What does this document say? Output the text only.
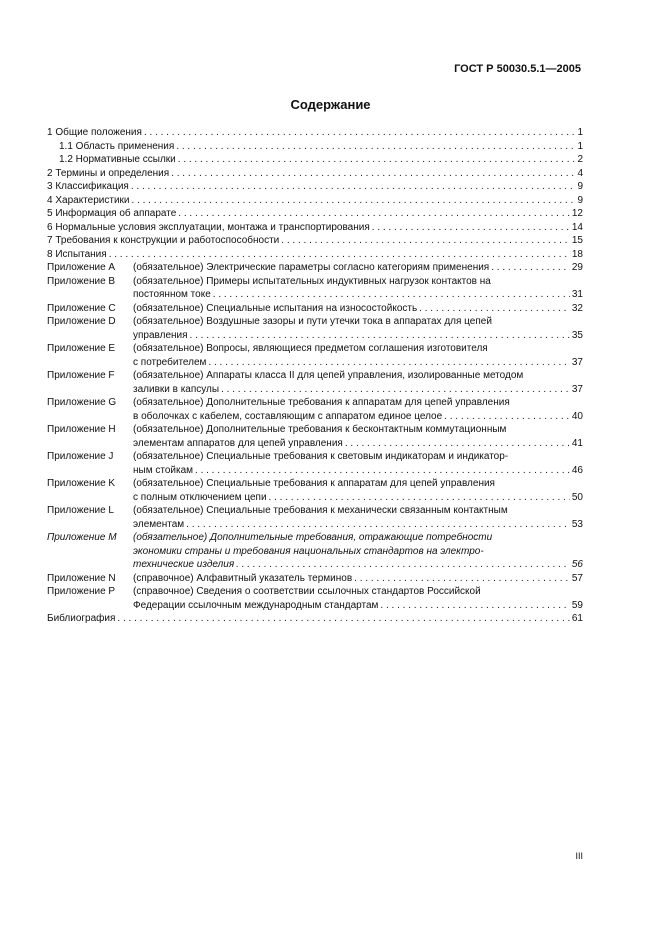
ГОСТ Р 50030.5.1—2005
Содержание
1 Общие положения . . .	1
1.1 Область применения . . .	1
1.2 Нормативные ссылки . . .	2
2 Термины и определения . . .	4
3 Классификация . . .	9
4 Характеристики . . .	9
5 Информация об аппарате . . .	12
6 Нормальные условия эксплуатации, монтажа и транспортирования . . .	14
7 Требования к конструкции и работоспособности . . .	15
8 Испытания . . .	18
Приложение A	(обязательное) Электрические параметры согласно категориям применения . . .	29
Приложение B	(обязательное) Примеры испытательных индуктивных нагрузок контактов на
постоянном токе . . .	31
Приложение C	(обязательное) Специальные испытания на износостойкость . . .	32
Приложение D	(обязательное) Воздушные зазоры и пути утечки тока в аппаратах для цепей
управления . . .	35
Приложение E	(обязательное) Вопросы, являющиеся предметом соглашения изготовителя
с потребителем . . .	37
Приложение F	(обязательное) Аппараты класса II для цепей управления, изолированные методом
заливки в капсулы . . .	37
Приложение G	(обязательное) Дополнительные требования к аппаратам для цепей управления
в оболочках с кабелем, составляющим с аппаратом единое целое . . .	40
Приложение H	(обязательное) Дополнительные требования к бесконтактным коммутационным
элементам аппаратов для цепей управления . . .	41
Приложение J	(обязательное) Специальные требования к световым индикаторам и индикатор-
ным стойкам . . .	46
Приложение K	(обязательное) Специальные требования к аппаратам для цепей управления
с полным отключением цепи . . .	50
Приложение L	(обязательное) Специальные требования к механически связанным контактным
элементам . . .	53
Приложение M	(обязательное) Дополнительные требования, отражающие потребности
экономики страны и требования национальных стандартов на электро-
технические изделия . . .	56
Приложение N	(справочное) Алфавитный указатель терминов . . .	57
Приложение P	(справочное) Сведения о соответствии ссылочных стандартов Российской
Федерации ссылочным международным стандартам . . .	59
Библиография . . .	61
III
